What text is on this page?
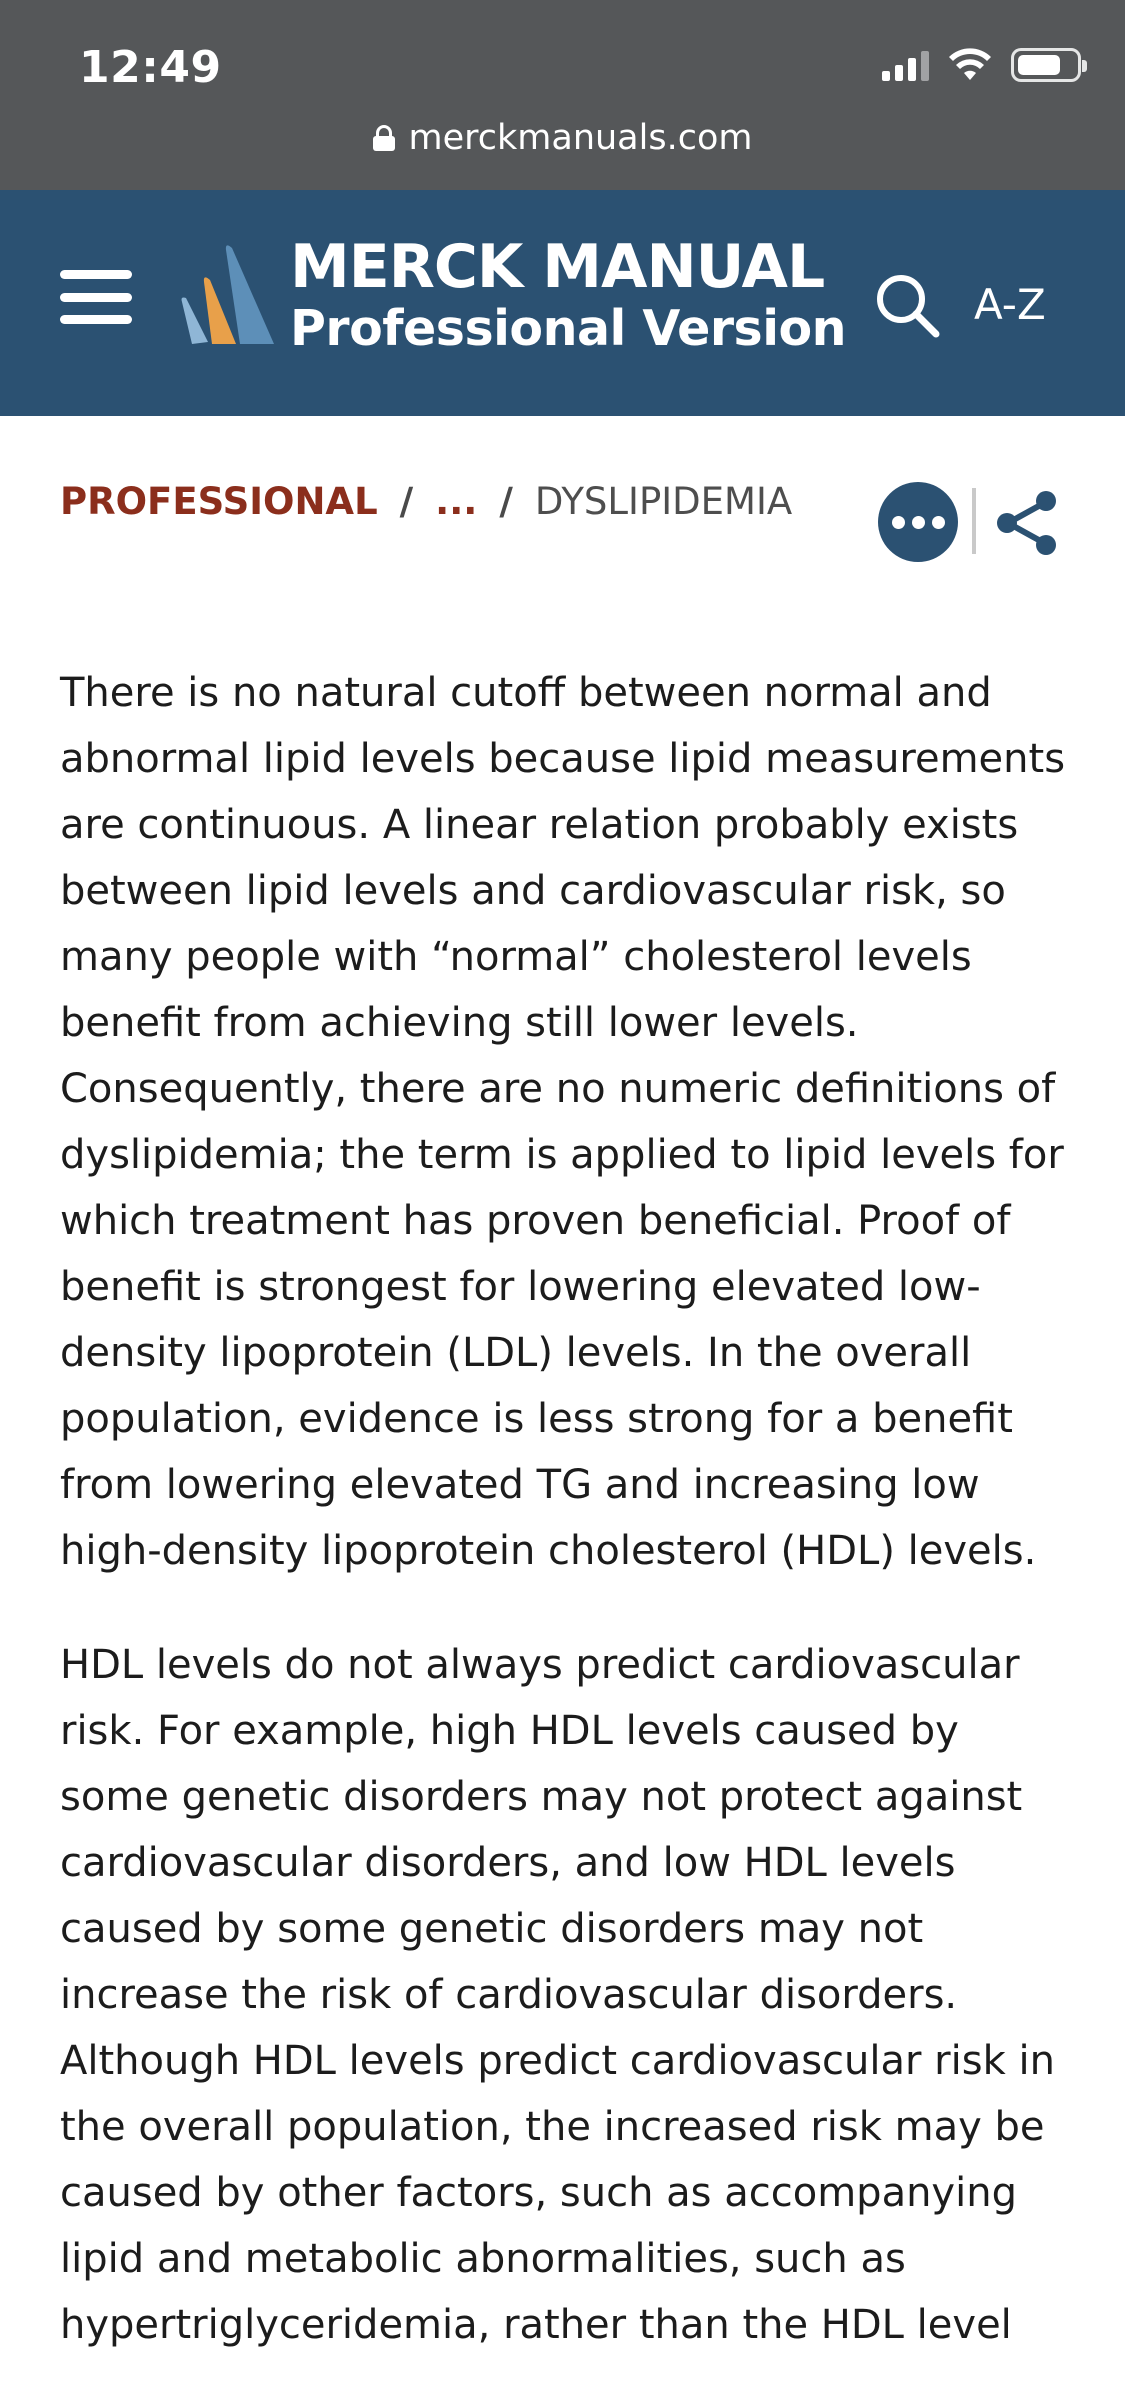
12:49
merckmanuals.com
MERCK MANUAL
Professional Version	A-Z
PROFESSIONAL / ... / DYSLIPIDEMIA

There is no natural cutoff between normal and abnormal lipid levels because lipid measurements are continuous. A linear relation probably exists between lipid levels and cardiovascular risk, so many people with “normal” cholesterol levels benefit from achieving still lower levels. Consequently, there are no numeric definitions of dyslipidemia; the term is applied to lipid levels for which treatment has proven beneficial. Proof of benefit is strongest for lowering elevated low-density lipoprotein (LDL) levels. In the overall population, evidence is less strong for a benefit from lowering elevated TG and increasing low high-density lipoprotein cholesterol (HDL) levels.

HDL levels do not always predict cardiovascular risk. For example, high HDL levels caused by some genetic disorders may not protect against cardiovascular disorders, and low HDL levels caused by some genetic disorders may not increase the risk of cardiovascular disorders. Although HDL levels predict cardiovascular risk in the overall population, the increased risk may be caused by other factors, such as accompanying lipid and metabolic abnormalities, such as hypertriglyceridemia, rather than the HDL level
